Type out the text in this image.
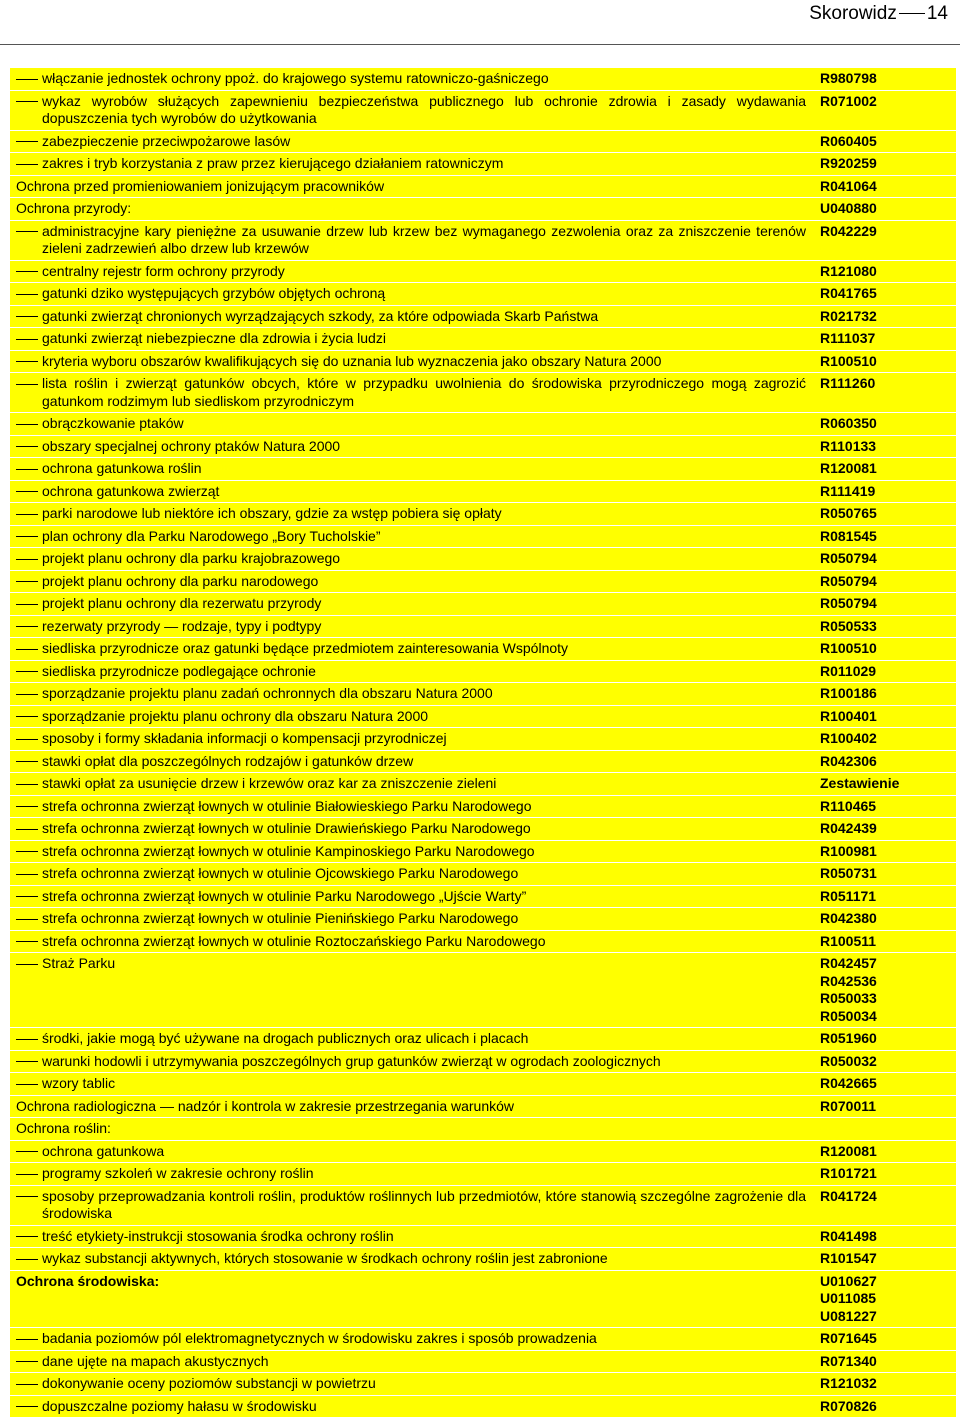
Skorowidz 14
włączanie jednostek ochrony ppoż. do krajowego systemu ratowniczo-gaśniczego	R980798

wykaz wyrobów służących zapewnieniu bezpieczeństwa publicznego lub ochronie zdrowia i zasady wydawania dopuszczenia tych wyrobów do użytkowania	R071002

zabezpieczenie przeciwpożarowe lasów	R060405

zakres i tryb korzystania z praw przez kierującego działaniem ratowniczym	R920259

Ochrona przed promieniowaniem jonizującym pracowników	R041064

Ochrona przyrody:	U040880

administracyjne kary pieniężne za usuwanie drzew lub krzew bez wymaganego zezwolenia oraz za zniszczenie terenów zieleni zadrzewień albo drzew lub krzewów	R042229

centralny rejestr form ochrony przyrody	R121080

gatunki dziko występujących grzybów objętych ochroną	R041765

gatunki zwierząt chronionych wyrządzających szkody, za które odpowiada Skarb Państwa	R021732

gatunki zwierząt niebezpieczne dla zdrowia i życia ludzi	R111037

kryteria wyboru obszarów kwalifikujących się do uznania lub wyznaczenia jako obszary Natura 2000	R100510

lista roślin i zwierząt gatunków obcych, które w przypadku uwolnienia do środowiska przyrodniczego mogą zagrozić gatunkom rodzimym lub siedliskom przyrodniczym	R111260

obrączkowanie ptaków	R060350

obszary specjalnej ochrony ptaków Natura 2000	R110133

ochrona gatunkowa roślin	R120081

ochrona gatunkowa zwierząt	R111419

parki narodowe lub niektóre ich obszary, gdzie za wstęp pobiera się opłaty	R050765

plan ochrony dla Parku Narodowego „Bory Tucholskie”	R081545

projekt planu ochrony dla parku krajobrazowego	R050794

projekt planu ochrony dla parku narodowego	R050794

projekt planu ochrony dla rezerwatu przyrody	R050794

rezerwaty przyrody — rodzaje, typy i podtypy	R050533

siedliska przyrodnicze oraz gatunki będące przedmiotem zainteresowania Wspólnoty	R100510

siedliska przyrodnicze podlegające ochronie	R011029

sporządzanie projektu planu zadań ochronnych dla obszaru Natura 2000	R100186

sporządzanie projektu planu ochrony dla obszaru Natura 2000	R100401

sposoby i formy składania informacji o kompensacji przyrodniczej	R100402

stawki opłat dla poszczególnych rodzajów i gatunków drzew	R042306

stawki opłat za usunięcie drzew i krzewów oraz kar za zniszczenie zieleni	Zestawienie

strefa ochronna zwierząt łownych w otulinie Białowieskiego Parku Narodowego	R110465

strefa ochronna zwierząt łownych w otulinie Drawieńskiego Parku Narodowego	R042439

strefa ochronna zwierząt łownych w otulinie Kampinoskiego Parku Narodowego	R100981

strefa ochronna zwierząt łownych w otulinie Ojcowskiego Parku Narodowego	R050731

strefa ochronna zwierząt łownych w otulinie Parku Narodowego „Ujście Warty”	R051171

strefa ochronna zwierząt łownych w otulinie Pienińskiego Parku Narodowego	R042380

strefa ochronna zwierząt łownych w otulinie Roztoczańskiego Parku Narodowego	R100511

Straż Parku	R042457
R042536
R050033
R050034

środki, jakie mogą być używane na drogach publicznych oraz ulicach i placach	R051960

warunki hodowli i utrzymywania poszczególnych grup gatunków zwierząt w ogrodach zoologicznych	R050032

wzory tablic	R042665

Ochrona radiologiczna — nadzór i kontrola w zakresie przestrzegania warunków	R070011

Ochrona roślin:	

ochrona gatunkowa	R120081

programy szkoleń w zakresie ochrony roślin	R101721

sposoby przeprowadzania kontroli roślin, produktów roślinnych lub przedmiotów, które stanowią szczególne zagrożenie dla środowiska	R041724

treść etykiety-instrukcji stosowania środka ochrony roślin	R041498

wykaz substancji aktywnych, których stosowanie w środkach ochrony roślin jest zabronione	R101547

Ochrona środowiska:	U010627
U011085
U081227

badania poziomów pól elektromagnetycznych w środowisku zakres i sposób prowadzenia	R071645

dane ujęte na mapach akustycznych	R071340

dokonywanie oceny poziomów substancji w powietrzu	R121032

dopuszczalne poziomy hałasu w środowisku	R070826
